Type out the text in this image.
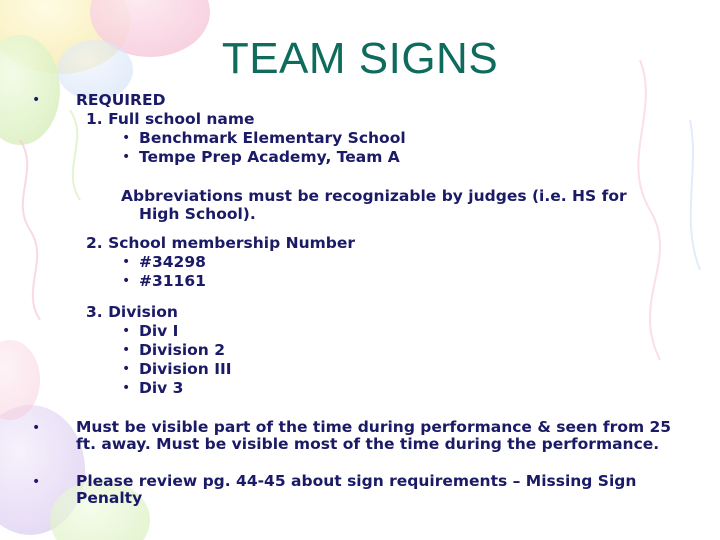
TEAM SIGNS
• REQUIRED
1. Full school name
• Benchmark Elementary School
• Tempe Prep Academy, Team A
Abbreviations must be recognizable by judges (i.e. HS for
High School).
2. School membership Number
• #34298
• #31161
3. Division
• Div I
• Division 2
• Division III
• Div 3
• Must be visible part of the time during performance & seen from 25
ft. away. Must be visible most of the time during the performance.
• Please review pg. 44-45 about sign requirements – Missing Sign
Penalty
